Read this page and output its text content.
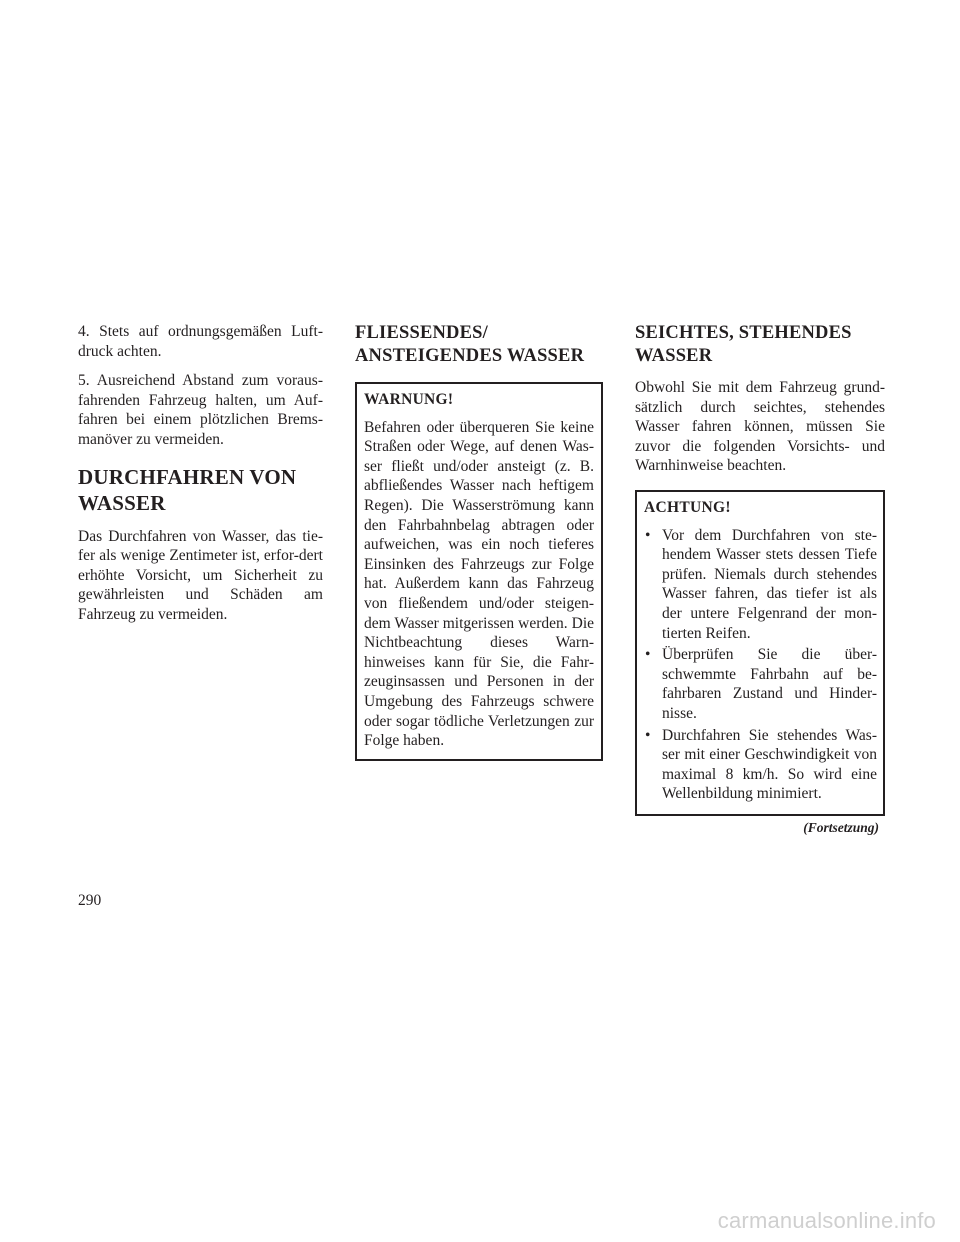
4. Stets auf ordnungsgemäßen Luft-druck achten.

5. Ausreichend Abstand zum voraus-fahrenden Fahrzeug halten, um Auf-fahren bei einem plötzlichen Brems-manöver zu vermeiden.

DURCHFAHREN VON WASSER

Das Durchfahren von Wasser, das tie-fer als wenige Zentimeter ist, erfor-dert erhöhte Vorsicht, um Sicherheit zu gewährleisten und Schäden am Fahrzeug zu vermeiden.

FLIESSENDES/ ANSTEIGENDES WASSER
WARNUNG!

Befahren oder überqueren Sie keine Straßen oder Wege, auf denen Was-ser fließt und/oder ansteigt (z. B. abfließendes Wasser nach heftigem Regen). Die Wasserströmung kann den Fahrbahnbelag abtragen oder aufweichen, was ein noch tieferes Einsinken des Fahrzeugs zur Folge hat. Außerdem kann das Fahrzeug von fließendem und/oder steigen-dem Wasser mitgerissen werden. Die Nichtbeachtung dieses Warn-hinweises kann für Sie, die Fahr-zeuginsassen und Personen in der Umgebung des Fahrzeugs schwere oder sogar tödliche Verletzungen zur Folge haben.

SEICHTES, STEHENDES WASSER

Obwohl Sie mit dem Fahrzeug grund-sätzlich durch seichtes, stehendes Wasser fahren können, müssen Sie zuvor die folgenden Vorsichts- und Warnhinweise beachten.

ACHTUNG!
• Vor dem Durchfahren von ste-hendem Wasser stets dessen Tiefe prüfen. Niemals durch stehendes Wasser fahren, das tiefer ist als der untere Felgenrand der mon-tierten Reifen.
• Überprüfen Sie die über-schwemmte Fahrbahn auf be-fahrbaren Zustand und Hinder-nisse.
• Durchfahren Sie stehendes Was-ser mit einer Geschwindigkeit von maximal 8 km/h. So wird eine Wellenbildung minimiert.
(Fortsetzung)
290
carmanualsonline.info
